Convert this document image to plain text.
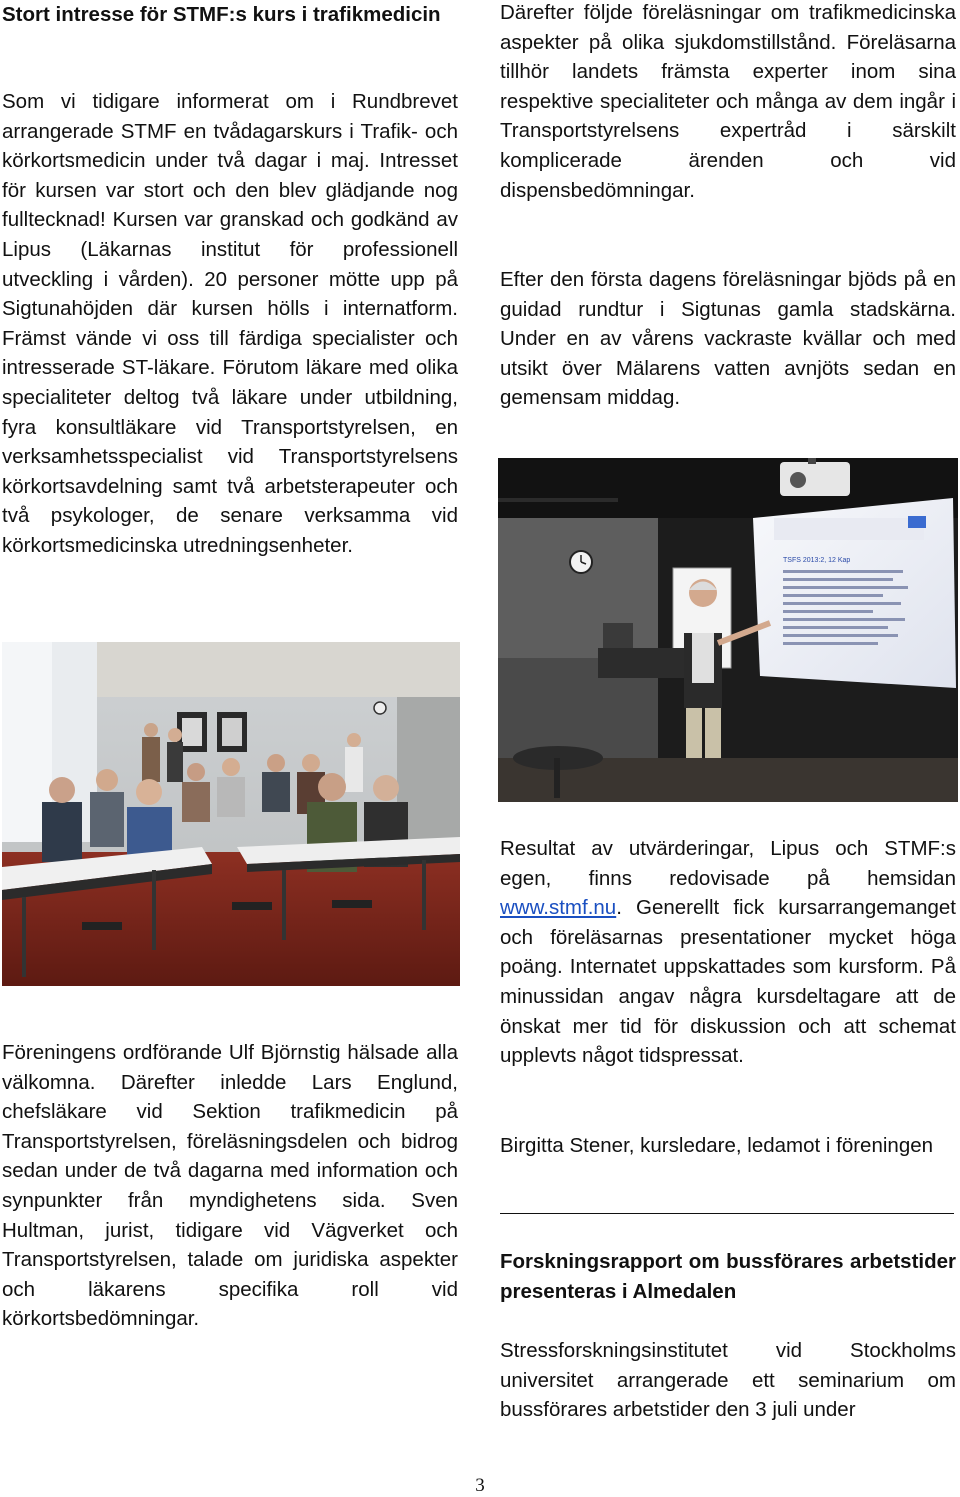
Stort intresse för STMF:s kurs i trafikmedicin

Som vi tidigare informerat om i Rundbrevet arrangerade STMF en tvådagarskurs i Trafik- och körkortsmedicin under två dagar i maj. Intresset för kursen var stort och den blev glädjande nog fulltecknad! Kursen var granskad och godkänd av Lipus (Läkarnas institut för professionell utveckling i vården). 20 personer mötte upp på Sigtunahöjden där kursen hölls i internatform. Främst vände vi oss till färdiga specialister och intresserade ST-läkare. Förutom läkare med olika specialiteter deltog två läkare under utbildning, fyra konsultläkare vid Transportstyrelsen, en verksamhetsspecialist vid Transportstyrelsens körkortsavdelning samt två arbetsterapeuter och två psykologer, de senare verksamma vid körkortsmedicinska utredningsenheter.

Föreningens ordförande Ulf Björnstig hälsade alla välkomna. Därefter inledde Lars Englund, chefsläkare vid Sektion trafikmedicin på Transportstyrelsen, föreläsningsdelen och bidrog sedan under de två dagarna med information och synpunkter från myndighetens sida. Sven Hultman, jurist, tidigare vid Vägverket och Transportstyrelsen, talade om juridiska aspekter och läkarens specifika roll vid körkortsbedömningar.

Därefter följde föreläsningar om trafikmedicinska aspekter på olika sjukdomstillstånd. Föreläsarna tillhör landets främsta experter inom sina respektive specialiteter och många av dem ingår i Transportstyrelsens expertråd i särskilt komplicerade ärenden och vid dispensbedömningar.

Efter den första dagens föreläsningar bjöds på en guidad rundtur i Sigtunas gamla stadskärna. Under en av vårens vackraste kvällar och med utsikt över Mälarens vatten avnjöts sedan en gemensam middag.

TSFS 2013:2, 12 Kap

Resultat av utvärderingar, Lipus och STMF:s egen, finns redovisade på hemsidan www.stmf.nu. Generellt fick kursarrangemanget och föreläsarnas presentationer mycket höga poäng. Internatet uppskattades som kursform. På minussidan angav några kursdeltagare att de önskat mer tid för diskussion och att schemat upplevts något tidspressat.

Birgitta Stener, kursledare, ledamot i föreningen

Forskningsrapport om bussförares arbetstider presenteras i Almedalen

Stressforskningsinstitutet vid Stockholms universitet arrangerade ett seminarium om bussförares arbetstider den 3 juli under

3
